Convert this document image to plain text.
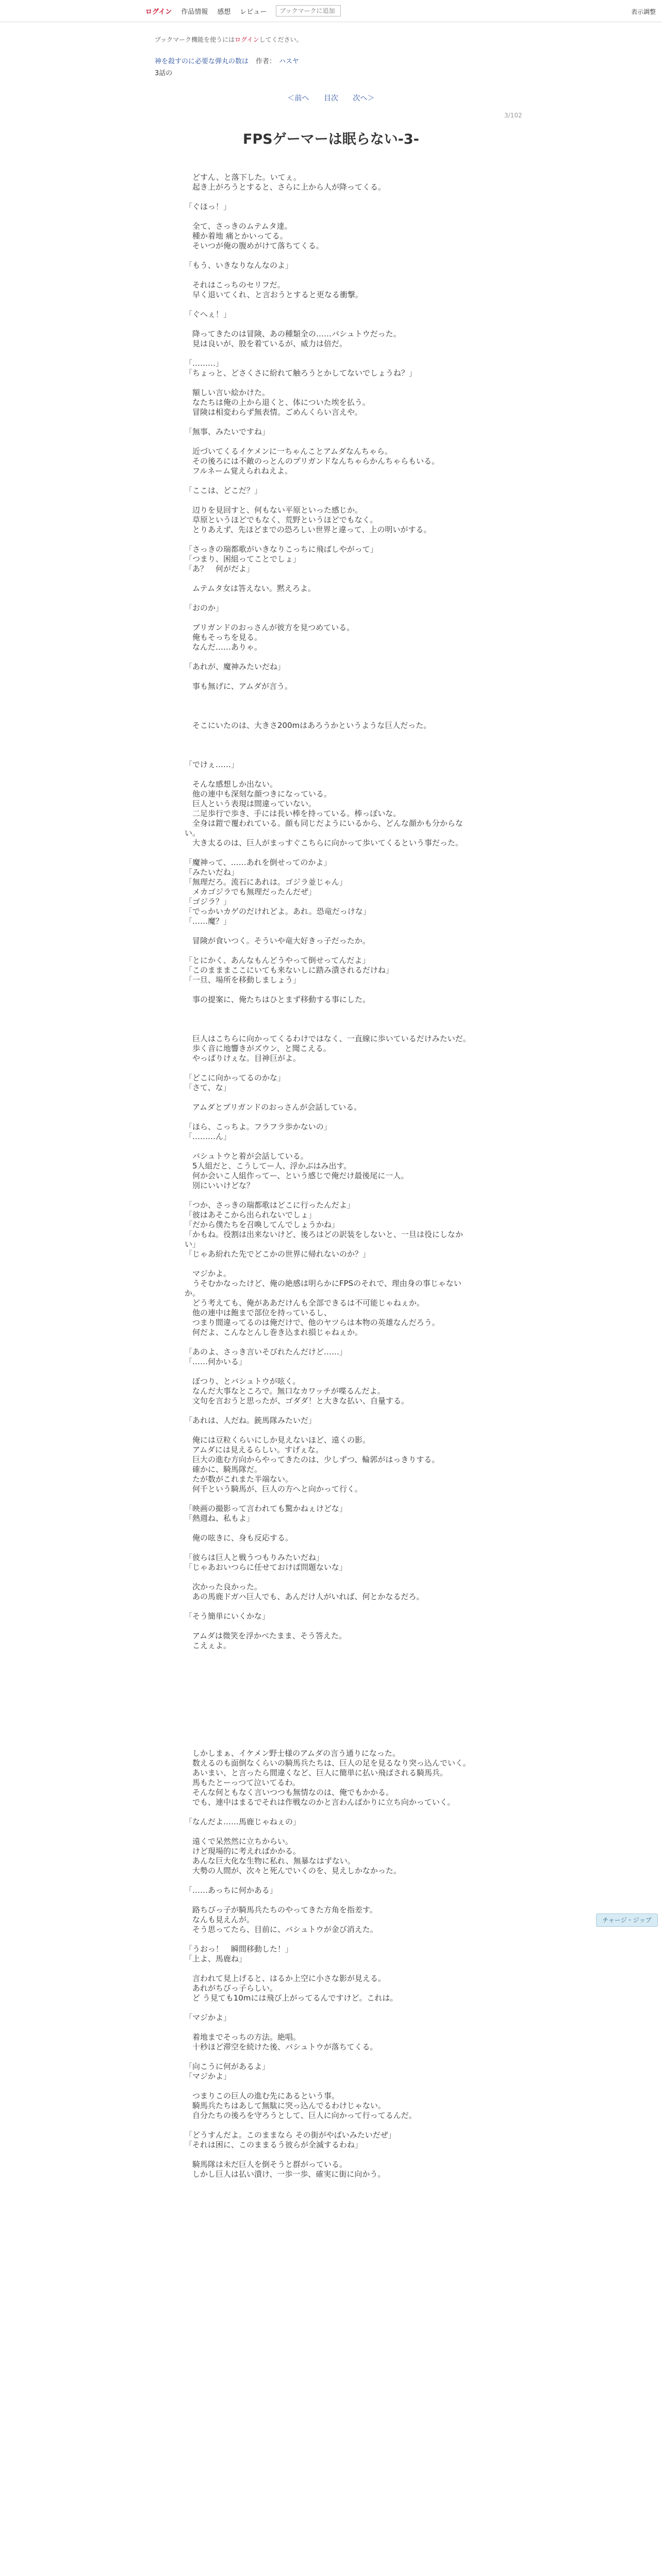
ログイン 作品情報 感想 レビュー
ブックマークに追加	表示調整
ブックマーク機能を使うにはログインしてください。
神を殺すのに必要な弾丸の数は 作者： ハスヤ
3話の
＜前へ 目次 次へ＞
3/102
FPSゲーマーは眠らない-3-

　どすん、と落下した。いてぇ。
　起き上がろうとすると、さらに上から人が降ってくる。

「ぐほっ！」

　全て、さっきのムテムタ達。
　種か着地 痛とかいってる。
　そいつが俺の腹めがけて落ちてくる。

「もう、いきなりなんなのよ」

　それはこっちのセリフだ。
　早く退いてくれ、と言おうとすると更なる衝撃。

「ぐへぇ！」

　降ってきたのは冒険、あの種類全の……バシュトウだった。
　見は良いが、股を着ているが、威力は倍だ。

「………」
「ちょっと、どさくさに紛れて触ろうとかしてないでしょうね？」

　額しい言い絵かけた。
　なたちは俺の上から退くと、体についた埃を払う。
　冒険は相変わらず無表情。ごめんくらい言えや。

「無事、みたいですね」

　近づいてくるイケメンに一ちゃんことアムダなんちゃら。
　その後ろには不敵のっとんのプリガンドなんちゃらかんちゃらもいる。
　フルネーム覚えられねえよ。

「ここは、どこだ？」

　辺りを見回すと、何もない平原といった感じか。
　草原というほどでもなく、荒野というほどでもなく。
　とりあえず、先ほどまでの恐ろしい世界と違って、上の明いがする。

「さっきの瑞都歌がいきなりこっちに飛ばしやがって」
「つまり、困組ってことでしょ」
「あ？　何がだよ」

　ムテムタ女は答えない。黙えろよ。

「おのか」

　ブリガンドのおっさんが彼方を見つめている。
　俺もそっちを見る。
　なんだ……ありゃ。

「あれが、魔神みたいだね」

　事も無げに、アムダが言う。

　そこにいたのは、大きさ200mはあろうかというような巨人だった。

「でけぇ……」

　そんな感想しか出ない。
　他の連中も深刻な顔つきになっている。
　巨人という表現は間違っていない。
　二足歩行で歩き、手には長い棒を持っている。棒っぽいな。
　全身は鎧で覆われている。顔も同じだようにいるから、どんな顔かも分からない。
　大き太るのは、巨人がまっすぐこちらに向かって歩いてくるという事だった。

「魔神って、……あれを倒せってのかよ」
「みたいだね」
「無理だろ。流石にあれは。ゴジラ並じゃん」
　メカゴジラでも無理だったんだぜ」
「ゴジラ？」
「でっかいカゲのだけれどよ。あれ。恐竜だっけな」
「……魔？」

　冒険が食いつく。そういや竜大好きっ子だったか。

「とにかく、あんなもんどうやって倒せってんだよ」
「このまままここにいても来ないしに踏み潰されるだけね」
「一旦、場所を移動しましょう」

　事の提案に、俺たちはひとまず移動する事にした。

　巨人はこちらに向かってくるわけではなく、一直線に歩いているだけみたいだ。
　歩く音に地響きがズウン、と聞こえる。
　やっぱりけぇな。目神巨がよ。

「どこに向かってるのかな」
「さて、な」

　アムダとブリガンドのおっさんが会話している。

「ほら、こっちよ。フラフラ歩かないの」
「………ん」

　バシュトウと着が会話している。
　5人組だと、こうしてー人、浮かぶはみ出す。
　何か会いこ人組作ってー、という感じで俺だけ最後尾に一人。
　別にいいけどな？

「つか、さっきの瑞都歌はどこに行ったんだよ」
「彼はあそこから出られないでしょ」
「だから僕たちを召喚してんでしょうかね」
「かもね。役割は出来ないけど、後ろはどの訳装をしないと、一旦は役にしなかい」
「じゃあ紛れた先でどこかの世界に帰れないのか？」

　マジかよ。
　うそむかなったけど、俺の絶感は明らかにFPSのそれで、理由身の事じゃないか。
　どう考えても、俺がああだけんも全部できるは不可能じゃねぇか。
　他の連中は飽まで部位を持っているし、
　つまり間違ってるのは俺だけで、他のヤツらは本物の英雄なんだろう。
　何だよ、こんなとんし巻き込まれ損じゃねぇか。

「あのよ、さっき言いそびれたんだけど……」
「……何かいる」

　ぼつり、とバシュトウが呟く。
　なんだ大事なところで。無口なカワッチが喋るんだよ。
　文句を言おうと思ったが、ゴダダ！と大きな払い、自量する。

「あれは、人だね。銃馬隊みたいだ」

　俺には豆粒くらいにしか見えないほど、遠くの影。
　アムダには見えるらしい。すげぇな。
　巨大の進む方向からやってきたのは、少しずつ、輪郭がはっきりする。
　確かに、騎馬隊だ。
　たが数がこれまた半端ない。
　何千という騎馬が、巨人の方へと向かって行く。

「映画の撮影って言われても驚かねぇけどな」
「熱週ね、私もよ」

　俺の呟きに、身も反応する。

「彼らは巨人と戦うつもりみたいだね」
「じゃあおいつらに任せておけば問題ないな」

　次かった良かった。
　あの馬鹿ドガハ巨人でも、あんだけ人がいれば、何とかなるだろ。

「そう簡単にいくかな」

　アムダは微笑を浮かべたまま、そう答えた。
　こえぇよ。

　しかしまぁ、イケメン野士様のアムダの言う通りになった。
　数えるのも面倒なくらいの騎馬兵たちは、巨人の足を見るなり突っ込んでいく。
　あいまい、と言ったら間違くなど、巨人に簡単に払い飛ばされる騎馬兵。
　馬もたとーっつて泣いてるわ。
　そんな何ともなく言いつつも無情なのは、俺でもかかる。
　でも、連中はまるでそれは作戦なのかと言わんばかりに立ち向かっていく。

「なんだよ……馬鹿じゃねぇの」

　遠くで呆然然に立ちからい。
　けど現場的に考えればかかる。
　あんな巨大化な生物に私れ、無暴なはずない。
　大勢の人間が、次々と死んでいくのを、見えしかなかった。

「……あっちに何かある」

　路ちびっ子が騎馬兵たちのやってきた方角を指差す。
　なんも見えんが。
　そう思ってたら、目前に、バシュトウが金び消えた。

「うおっ！　瞬間移動した！」
「上よ、馬鹿ね」

　言われて見上げると、はるか上空に小さな影が見える。
　あれがちびっ子らしい。
　ど う見ても10mには飛び上がってるんですけど。これは。

「マジかよ」

　着地までそっちの方法。絶唱。
　十秒ほど滞空を続けた後、バシュトウが落ちてくる。

「向こうに何があるよ」
「マジかよ」

　つまりこの巨人の進む先にあるという事。
　騎馬兵たちはあして無駄に突っ込んでるわけじゃない。
　自分たちの後ろを守ろうとして、巨人に向かって行ってるんだ。

「どうすんだよ。このままなら その街がやばいみたいだぜ」
「それは困に、このままるう彼らが全滅するわね」

　騎馬隊は未だ巨人を倒そうと群がっている。
　しかし巨人は払い潰け、一歩一歩、確実に街に向かう。

チャージ・ジップ
